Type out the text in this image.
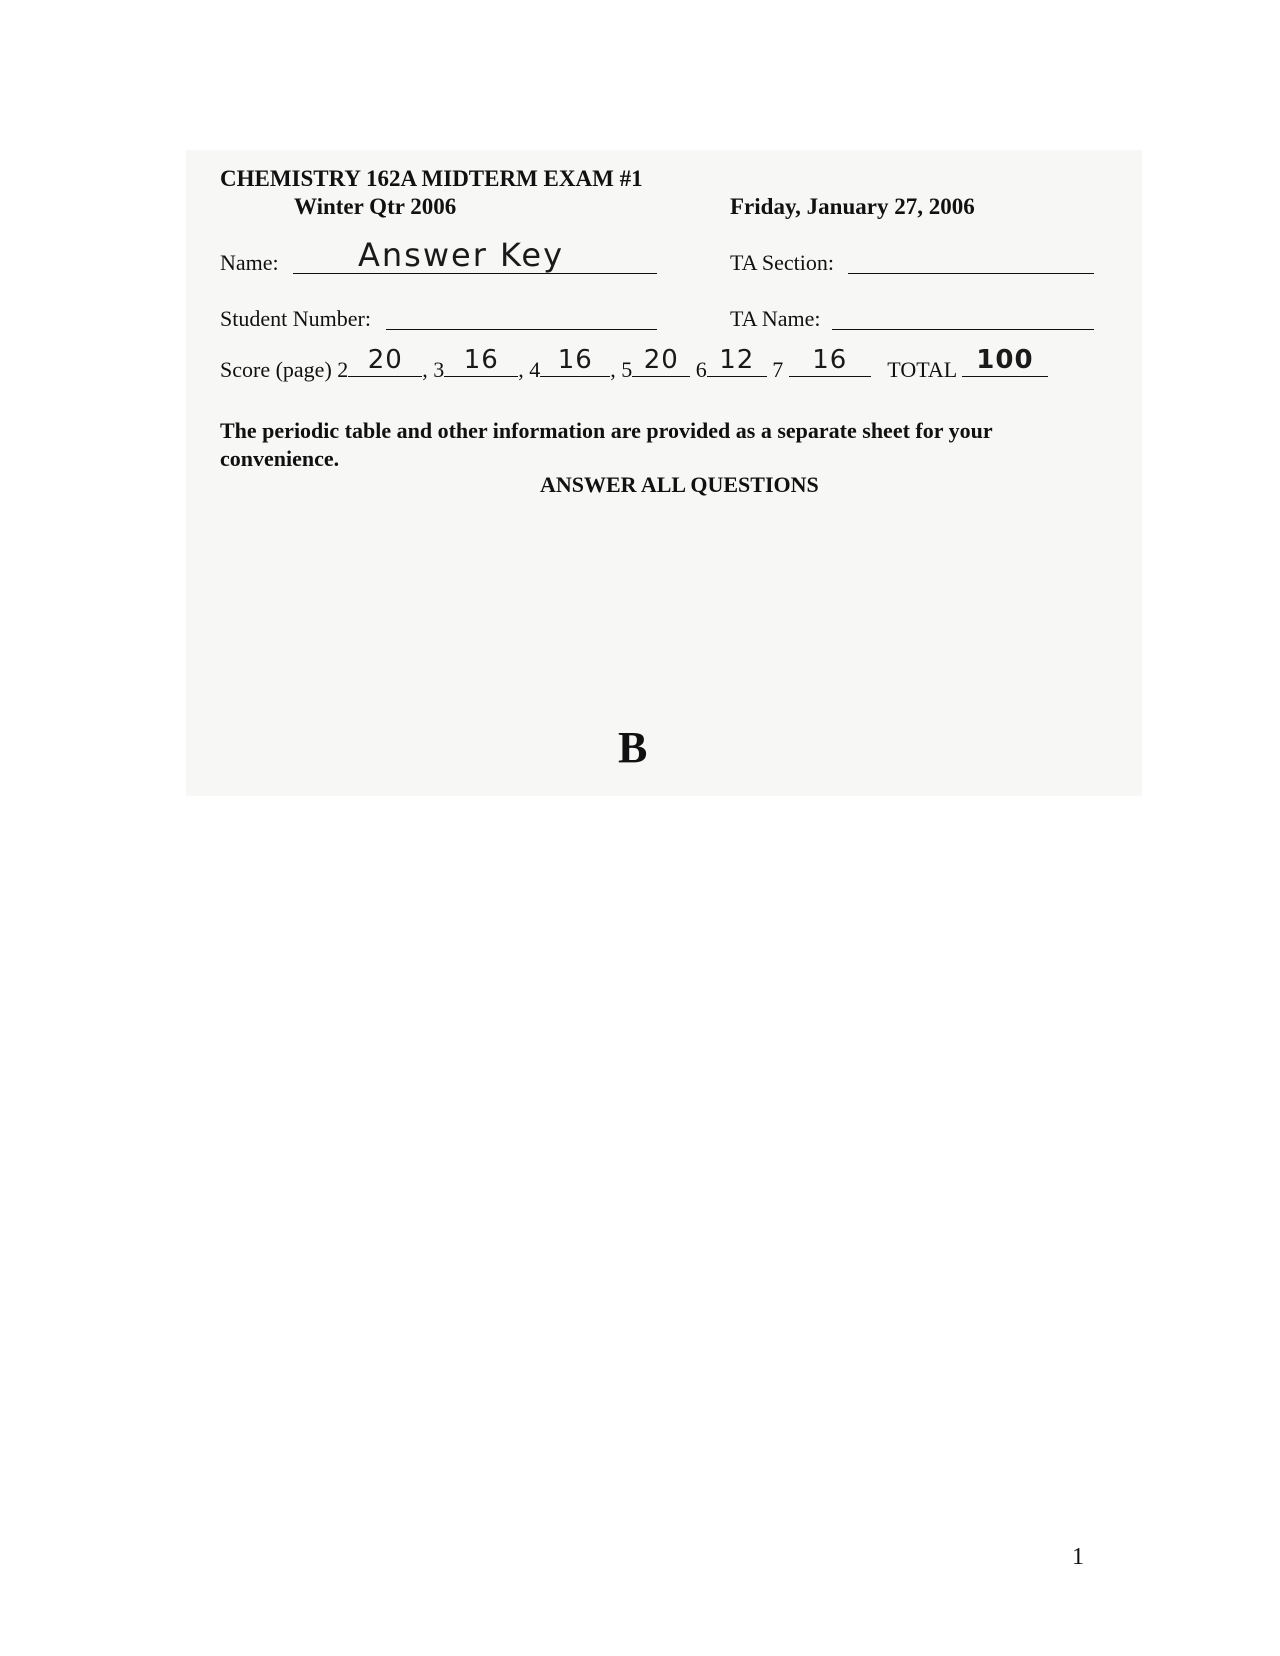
CHEMISTRY 162A MIDTERM EXAM #1
Winter Qtr 2006	Friday, January 27, 2006
Name: Answer Key	TA Section:
Student Number:	TA Name:
Score (page) 2 20 , 3 16 , 4 16 , 5 20 6 12 7	16	TOTAL 100
The periodic table and other information are provided as a separate sheet for your
convenience.
ANSWER ALL QUESTIONS
B
1
